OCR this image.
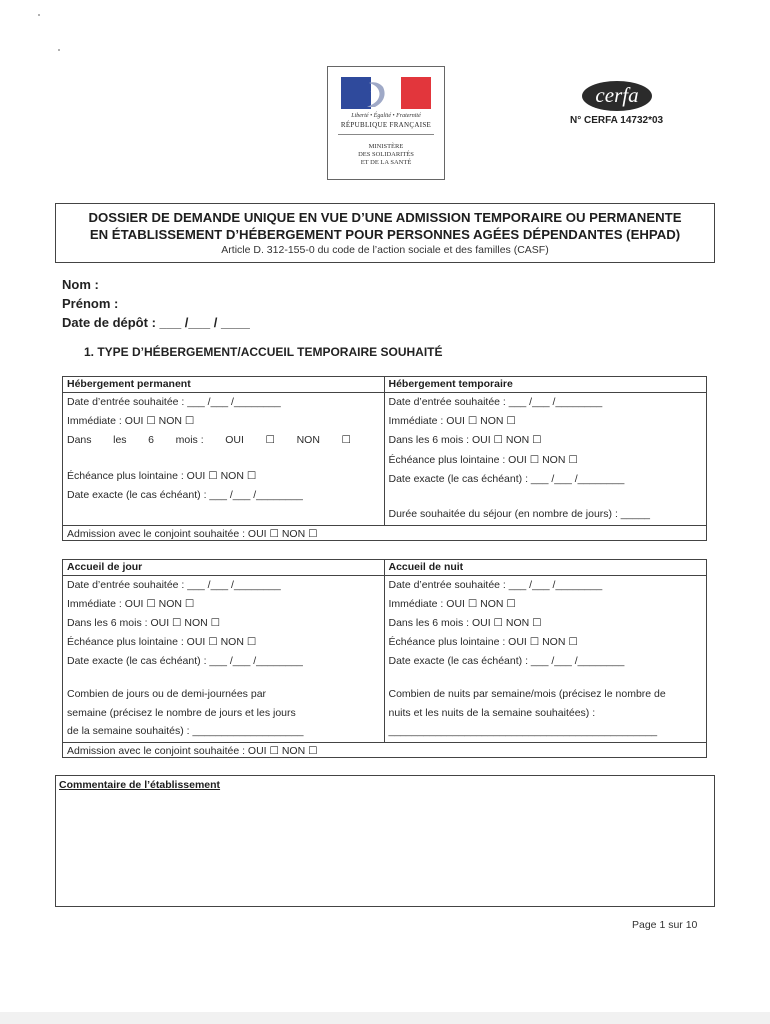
Liberté • Égalité • Fraternité
RÉPUBLIQUE FRANÇAISE
MINISTÈRE
DES SOLIDARITÉS
ET DE LA SANTÉ
cerfa
N° CERFA 14732*03
DOSSIER DE DEMANDE UNIQUE EN VUE D’UNE ADMISSION TEMPORAIRE OU PERMANENTE
EN ÉTABLISSEMENT D’HÉBERGEMENT POUR PERSONNES AGÉES DÉPENDANTES (EHPAD)
Article D. 312-155-0 du code de l’action sociale et des familles (CASF)
Nom :
Prénom :
Date de dépôt : ___ /___ / ____
1. TYPE D’HÉBERGEMENT/ACCUEIL TEMPORAIRE SOUHAITÉ
Hébergement permanent
Date d’entrée souhaitée : ___ /___ /________
Immédiate : OUI ☐ NON ☐
Dans les 6 mois : OUI ☐ NON ☐
Échéance plus lointaine : OUI ☐ NON ☐
Date exacte (le cas échéant) : ___ /___ /________
Hébergement temporaire
Date d’entrée souhaitée : ___ /___ /________
Immédiate : OUI ☐ NON ☐
Dans les 6 mois : OUI ☐ NON ☐
Échéance plus lointaine : OUI ☐ NON ☐
Date exacte (le cas échéant) : ___ /___ /________
Durée souhaitée du séjour (en nombre de jours) : _____
Admission avec le conjoint souhaitée : OUI ☐ NON ☐
Accueil de jour
Date d’entrée souhaitée : ___ /___ /________
Immédiate : OUI ☐ NON ☐
Dans les 6 mois : OUI ☐ NON ☐
Échéance plus lointaine : OUI ☐ NON ☐
Date exacte (le cas échéant) : ___ /___ /________
Combien de jours ou de demi-journées par
semaine (précisez le nombre de jours et les jours
de la semaine souhaités) : ___________________
Accueil de nuit
Date d’entrée souhaitée : ___ /___ /________
Immédiate : OUI ☐ NON ☐
Dans les 6 mois : OUI ☐ NON ☐
Échéance plus lointaine : OUI ☐ NON ☐
Date exacte (le cas échéant) : ___ /___ /________
Combien de nuits par semaine/mois (précisez le nombre de
nuits et les nuits de la semaine souhaitées) :
______________________________________________
Admission avec le conjoint souhaitée : OUI ☐ NON ☐
Commentaire de l’établissement
Page 1 sur 10
